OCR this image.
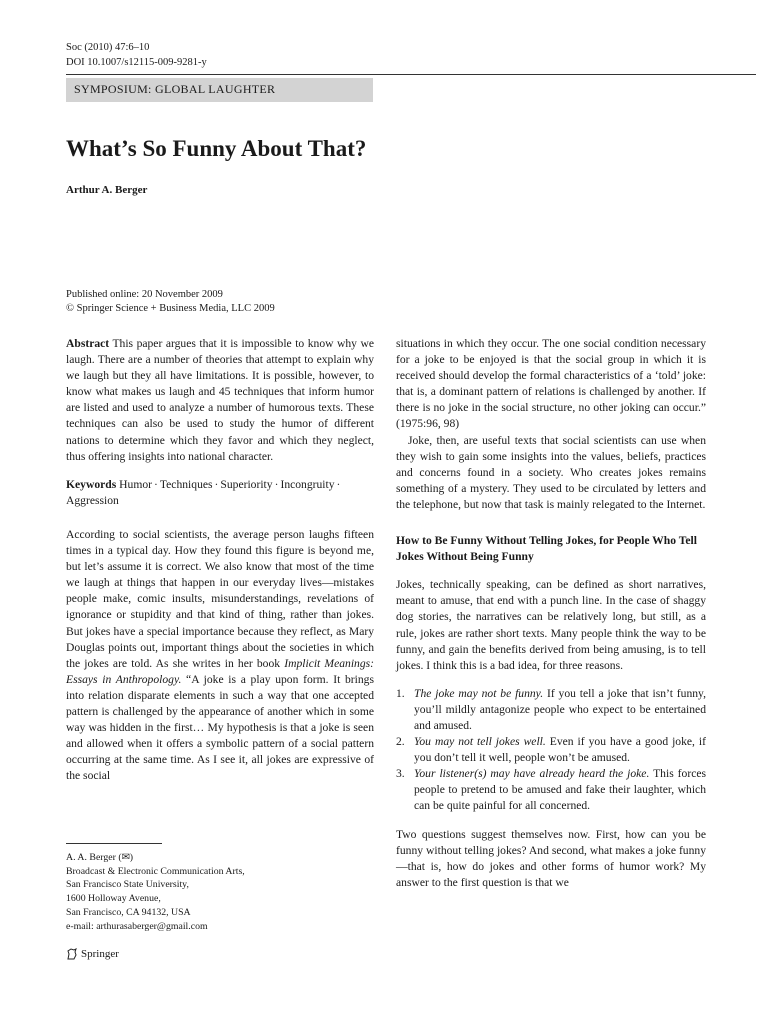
Soc (2010) 47:6–10
DOI 10.1007/s12115-009-9281-y
SYMPOSIUM: GLOBAL LAUGHTER
What’s So Funny About That?
Arthur A. Berger
Published online: 20 November 2009
© Springer Science + Business Media, LLC 2009

Abstract This paper argues that it is impossible to know why we laugh. There are a number of theories that attempt to explain why we laugh but they all have limitations. It is possible, however, to know what makes us laugh and 45 techniques that inform humor are listed and used to analyze a number of humorous texts. These techniques can also be used to study the humor of different nations to determine which they favor and which they neglect, thus offering insights into national character.

Keywords Humor · Techniques · Superiority · Incongruity ·
Aggression

According to social scientists, the average person laughs fifteen times in a typical day. How they found this figure is beyond me, but let’s assume it is correct. We also know that most of the time we laugh at things that happen in our everyday lives—mistakes people make, comic insults, misunderstandings, revelations of ignorance or stupidity and that kind of thing, rather than jokes. But jokes have a special importance because they reflect, as Mary Douglas points out, important things about the societies in which the jokes are told. As she writes in her book Implicit Meanings: Essays in Anthropology. “A joke is a play upon form. It brings into relation disparate elements in such a way that one accepted pattern is challenged by the appearance of another which in some way was hidden in the first… My hypothesis is that a joke is seen and allowed when it offers a symbolic pattern of a social pattern occurring at the same time. As I see it, all jokes are expressive of the social

situations in which they occur. The one social condition necessary for a joke to be enjoyed is that the social group in which it is received should develop the formal characteristics of a ‘told’ joke: that is, a dominant pattern of relations is challenged by another. If there is no joke in the social structure, no other joking can occur.” (1975:96, 98)

Joke, then, are useful texts that social scientists can use when they wish to gain some insights into the values, beliefs, practices and concerns found in a society. Who creates jokes remains something of a mystery. They used to be circulated by letters and the telephone, but now that task is mainly relegated to the Internet.

How to Be Funny Without Telling Jokes, for People Who Tell Jokes Without Being Funny

Jokes, technically speaking, can be defined as short narratives, meant to amuse, that end with a punch line. In the case of shaggy dog stories, the narratives can be relatively long, but still, as a rule, jokes are rather short texts. Many people think the way to be funny, and gain the benefits derived from being amusing, is to tell jokes. I think this is a bad idea, for three reasons.

1. The joke may not be funny. If you tell a joke that isn’t funny, you’ll mildly antagonize people who expect to be entertained and amused.
2. You may not tell jokes well. Even if you have a good joke, if you don’t tell it well, people won’t be amused.
3. Your listener(s) may have already heard the joke. This forces people to pretend to be amused and fake their laughter, which can be quite painful for all concerned.

Two questions suggest themselves now. First, how can you be funny without telling jokes? And second, what makes a joke funny—that is, how do jokes and other forms of humor work? My answer to the first question is that we

A. A. Berger (✉)
Broadcast & Electronic Communication Arts,
San Francisco State University,
1600 Holloway Avenue,
San Francisco, CA 94132, USA
e-mail: arthurasaberger@gmail.com
Springer
